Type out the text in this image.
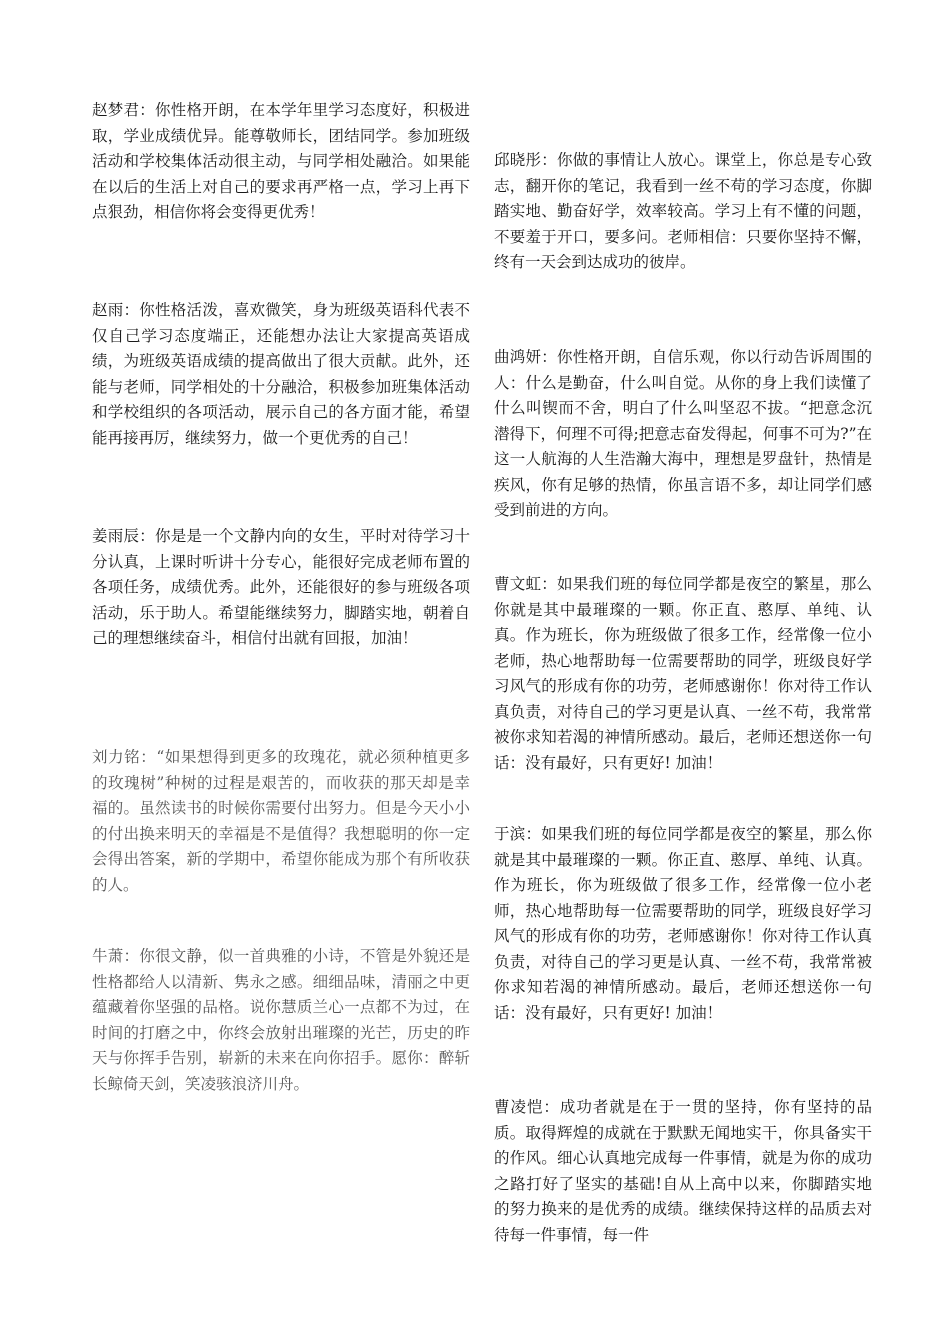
赵梦君：你性格开朗，在本学年里学习态度好，积极进取，学业成绩优异。能尊敬师长，团结同学。参加班级活动和学校集体活动很主动，与同学相处融洽。如果能在以后的生活上对自己的要求再严格一点，学习上再下点狠劲，相信你将会变得更优秀！

赵雨：你性格活泼，喜欢微笑，身为班级英语科代表不仅自己学习态度端正，还能想办法让大家提高英语成绩，为班级英语成绩的提高做出了很大贡献。此外，还能与老师，同学相处的十分融洽，积极参加班集体活动和学校组织的各项活动，展示自己的各方面才能，希望能再接再厉，继续努力，做一个更优秀的自己！

姜雨辰：你是是一个文静内向的女生，平时对待学习十分认真，上课时听讲十分专心，能很好完成老师布置的各项任务，成绩优秀。此外，还能很好的参与班级各项活动，乐于助人。希望能继续努力，脚踏实地，朝着自己的理想继续奋斗，相信付出就有回报，加油！

刘力铭：“如果想得到更多的玫瑰花，就必须种植更多的玫瑰树”种树的过程是艰苦的，而收获的那天却是幸福的。虽然读书的时候你需要付出努力。但是今天小小的付出换来明天的幸福是不是值得？我想聪明的你一定会得出答案，新的学期中，希望你能成为那个有所收获的人。

牛萧：你很文静，似一首典雅的小诗，不管是外貌还是性格都给人以清新、隽永之感。细细品味，清丽之中更蕴藏着你坚强的品格。说你慧质兰心一点都不为过，在时间的打磨之中，你终会放射出璀璨的光芒，历史的昨天与你挥手告别，崭新的未来在向你招手。愿你：醉斩长鲸倚天剑，笑凌骇浪济川舟。

邱晓彤：你做的事情让人放心。课堂上，你总是专心致志，翻开你的笔记，我看到一丝不苟的学习态度，你脚踏实地、勤奋好学，效率较高。学习上有不懂的问题，不要羞于开口，要多问。老师相信：只要你坚持不懈，终有一天会到达成功的彼岸。

曲鸿妍：你性格开朗，自信乐观，你以行动告诉周围的人：什么是勤奋，什么叫自觉。从你的身上我们读懂了什么叫锲而不舍，明白了什么叫坚忍不拔。“把意念沉潜得下，何理不可得;把意志奋发得起，何事不可为?”在这一人航海的人生浩瀚大海中，理想是罗盘针，热情是疾风，你有足够的热情，你虽言语不多，却让同学们感受到前进的方向。

曹文虹：如果我们班的每位同学都是夜空的繁星，那么你就是其中最璀璨的一颗。你正直、憨厚、单纯、认真。作为班长，你为班级做了很多工作，经常像一位小老师，热心地帮助每一位需要帮助的同学，班级良好学习风气的形成有你的功劳，老师感谢你！你对待工作认真负责，对待自己的学习更是认真、一丝不苟，我常常被你求知若渴的神情所感动。最后，老师还想送你一句话：没有最好，只有更好! 加油！

于滨：如果我们班的每位同学都是夜空的繁星，那么你就是其中最璀璨的一颗。你正直、憨厚、单纯、认真。作为班长，你为班级做了很多工作，经常像一位小老师，热心地帮助每一位需要帮助的同学，班级良好学习风气的形成有你的功劳，老师感谢你！你对待工作认真负责，对待自己的学习更是认真、一丝不苟，我常常被你求知若渴的神情所感动。最后，老师还想送你一句话：没有最好，只有更好! 加油！

曹凌恺：成功者就是在于一贯的坚持，你有坚持的品质。取得辉煌的成就在于默默无闻地实干，你具备实干的作风。细心认真地完成每一件事情，就是为你的成功之路打好了坚实的基础!自从上高中以来，你脚踏实地的努力换来的是优秀的成绩。继续保持这样的品质去对待每一件事情，每一件
